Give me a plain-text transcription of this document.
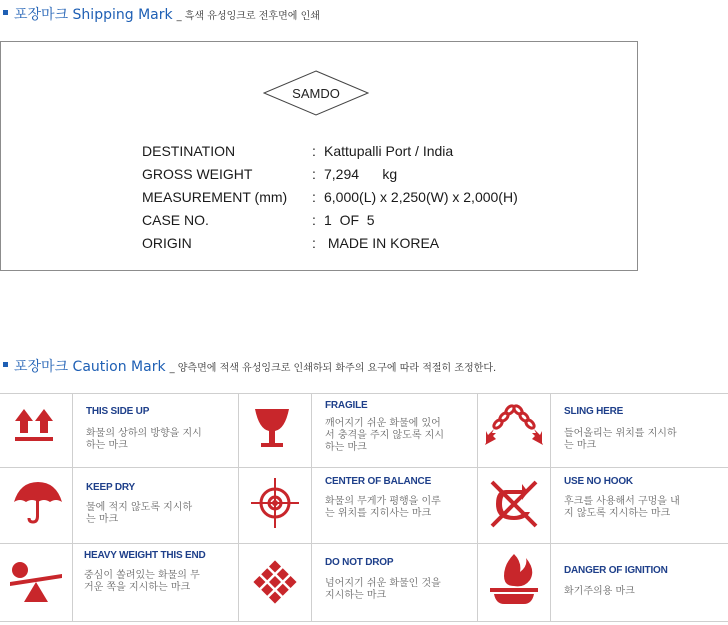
포장마크 Shipping Mark _ 흑색 유성잉크로 전후면에 인쇄
SAMDO
DESTINATION	: Kattupalli Port / India
GROSS WEIGHT	: 7,294      kg
MEASUREMENT (mm)	: 6,000(L) x 2,250(W) x 2,000(H)
CASE NO.	: 1  OF  5
ORIGIN	: MADE IN KOREA
포장마크 Caution Mark _ 양측면에 적색 유성잉크로 인쇄하되 화주의 요구에 따라 적절히 조정한다.
THIS SIDE UP
화물의 상하의 방향을 지시하는 마크
FRAGILE
깨어지기 쉬운 화물에 있어서 충격을 주지 않도록 지시하는 마크
SLING HERE
들어올리는 위치를 지시하는 마크
KEEP DRY
물에 적지 않도록 지시하는 마크
CENTER OF BALANCE
화물의 무게가 평행을 이루는 위치를 지히사는 마크
USE NO HOOK
후크를 사용해서 구멍을 내지 않도록 지시하는 마크
HEAVY WEIGHT THIS END
중심이 쏠려있는 화물의 무거운 쪽을 지시하는 마크
DO NOT DROP
넘어지기 쉬운 화물인 것을 지시하는 마크
DANGER OF IGNITION
화기주의용 마크
